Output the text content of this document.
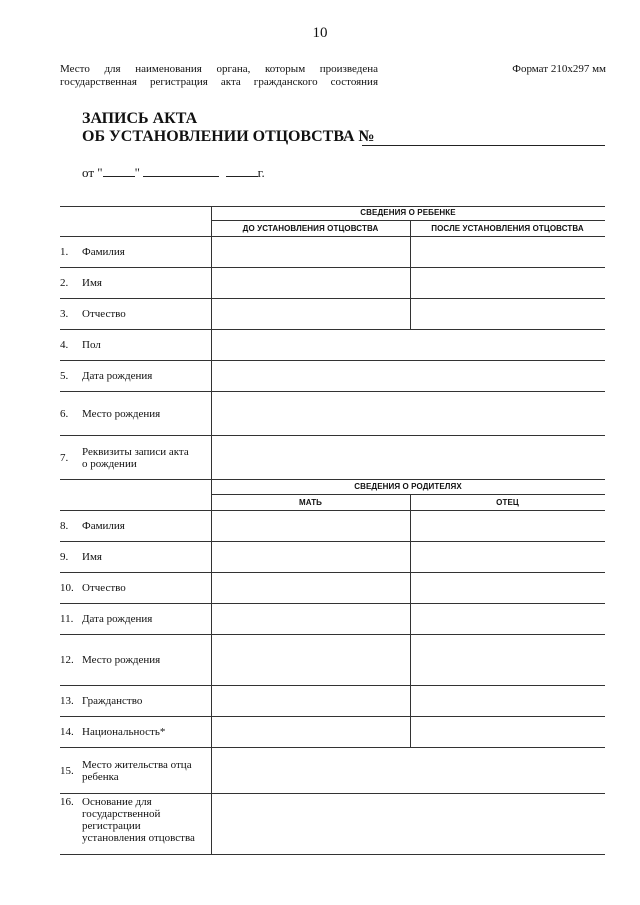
10
Место для наименования органа, которым произведена государственная регистрация акта гражданского состояния
Формат 210x297 мм
ЗАПИСЬ АКТА
ОБ УСТАНОВЛЕНИИ ОТЦОВСТВА №
от " "	г.
СВЕДЕНИЯ О РЕБЕНКЕ
ДО УСТАНОВЛЕНИЯ ОТЦОВСТВА	ПОСЛЕ УСТАНОВЛЕНИЯ ОТЦОВСТВА
1.	Фамилия
2.	Имя
3.	Отчество
4.	Пол
5.	Дата рождения
6.	Место рождения
7.	Реквизиты записи акта о рождении
СВЕДЕНИЯ О РОДИТЕЛЯХ
МАТЬ	ОТЕЦ
8.	Фамилия
9.	Имя
10. Отчество
11. Дата рождения
12. Место рождения
13. Гражданство
14. Национальность*
15. Место жительства отца ребенка
16. Основание для государственной регистрации установления отцовства
